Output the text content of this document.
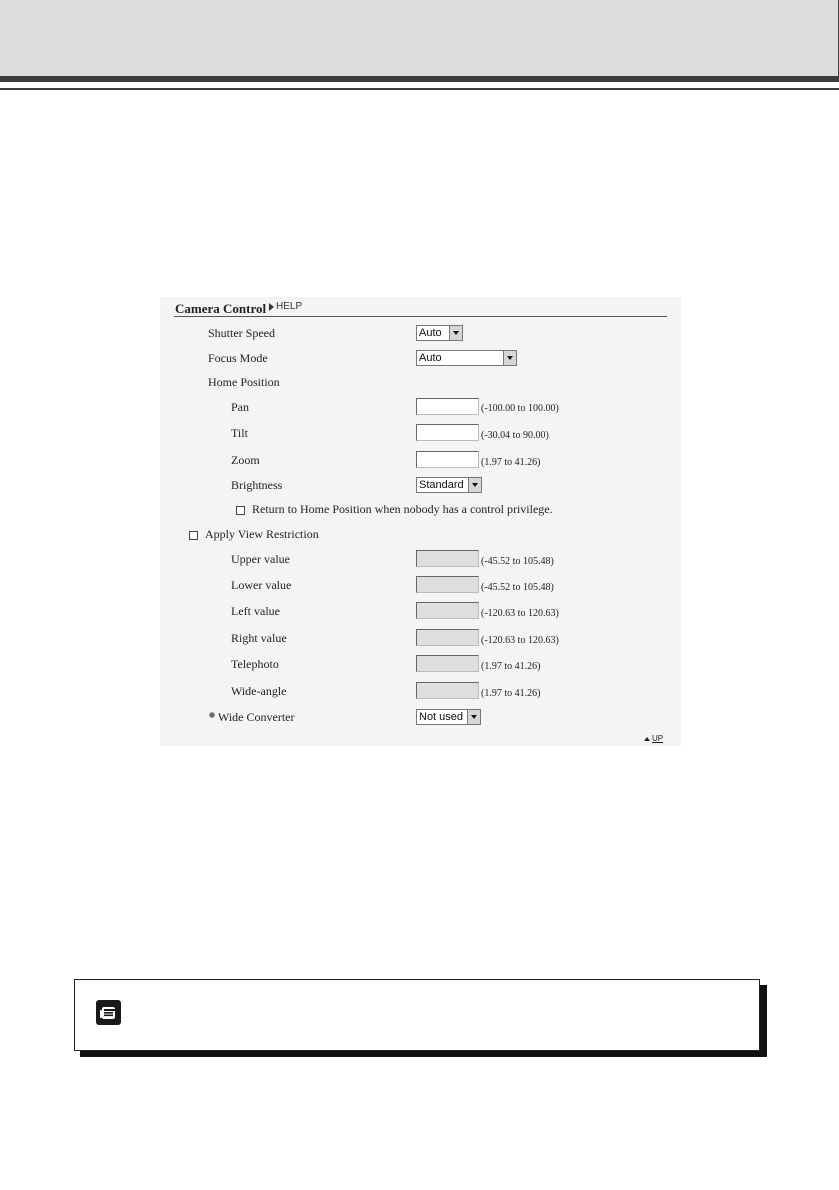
Camera Control HELP
Shutter Speed	Auto
Focus Mode	Auto
Home Position
Pan	(-100.00 to 100.00)
Tilt	(-30.04 to 90.00)
Zoom	(1.97 to 41.26)
Brightness	Standard
Return to Home Position when nobody has a control privilege.
Apply View Restriction
Upper value	(-45.52 to 105.48)
Lower value	(-45.52 to 105.48)
Left value	(-120.63 to 120.63)
Right value	(-120.63 to 120.63)
Telephoto	(1.97 to 41.26)
Wide-angle	(1.97 to 41.26)
Wide Converter	Not used
UP
